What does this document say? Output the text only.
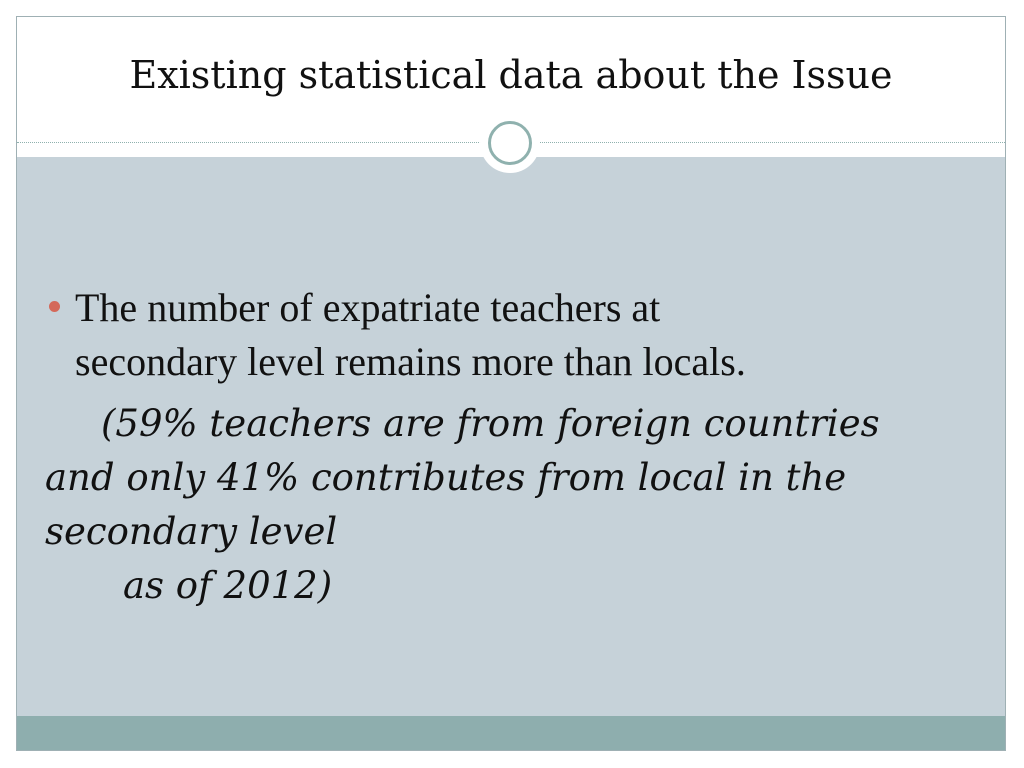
Existing statistical data about the Issue
The number of expatriate teachers at
secondary level remains more than locals.
(59% teachers are from foreign countries
and only 41% contributes from local in the
secondary level
as of 2012)
